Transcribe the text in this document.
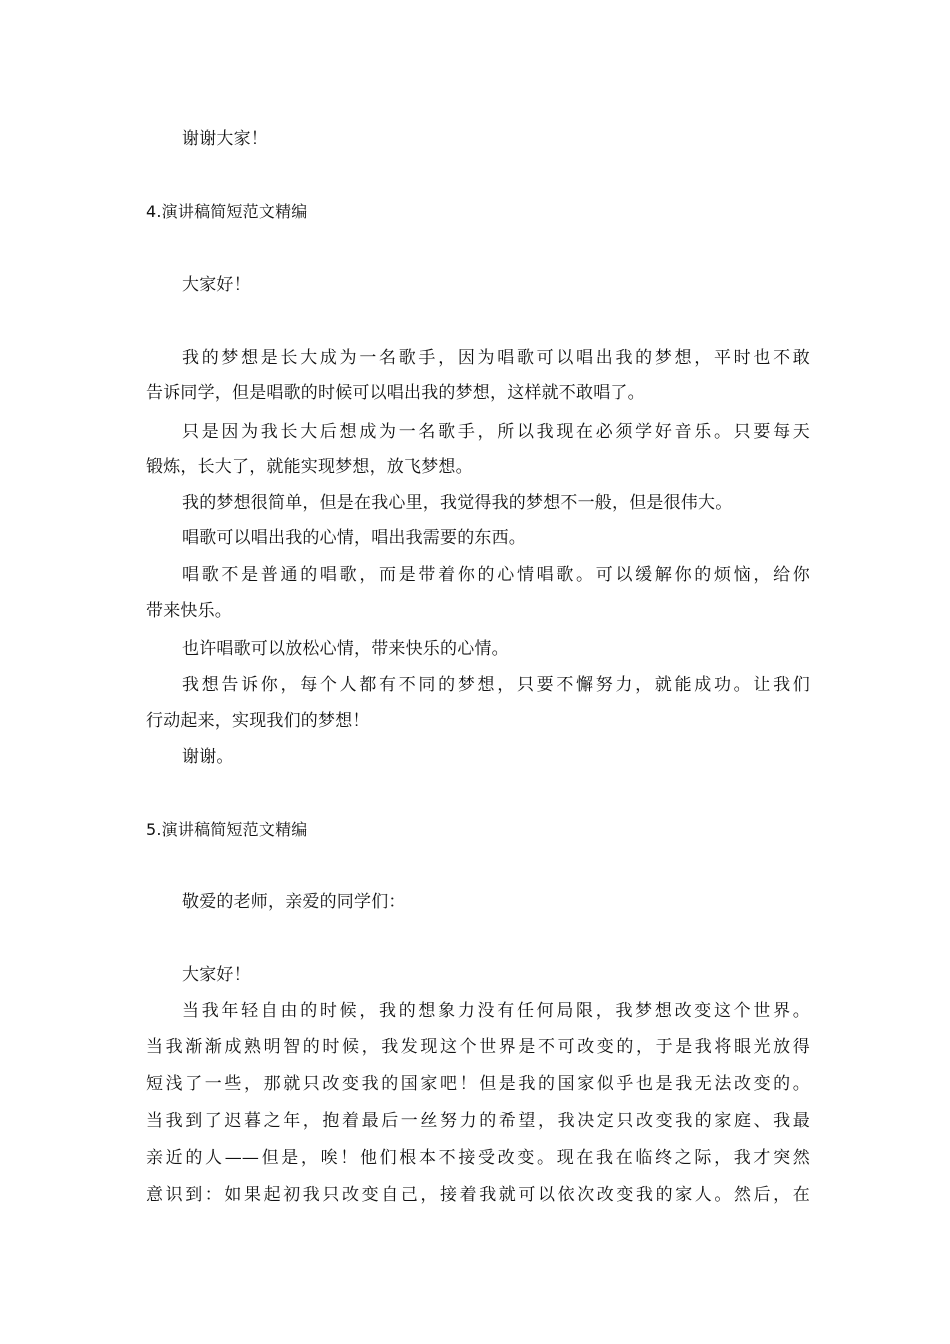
谢谢大家！
4.演讲稿简短范文精编
大家好！
我的梦想是长大成为一名歌手，因为唱歌可以唱出我的梦想，平时也不敢
告诉同学，但是唱歌的时候可以唱出我的梦想，这样就不敢唱了。
只是因为我长大后想成为一名歌手，所以我现在必须学好音乐。只要每天
锻炼，长大了，就能实现梦想，放飞梦想。
我的梦想很简单，但是在我心里，我觉得我的梦想不一般，但是很伟大。
唱歌可以唱出我的心情，唱出我需要的东西。
唱歌不是普通的唱歌，而是带着你的心情唱歌。可以缓解你的烦恼，给你
带来快乐。
也许唱歌可以放松心情，带来快乐的心情。
我想告诉你，每个人都有不同的梦想，只要不懈努力，就能成功。让我们
行动起来，实现我们的梦想！
谢谢。
5.演讲稿简短范文精编
敬爱的老师，亲爱的同学们：
大家好！
当我年轻自由的时候，我的想象力没有任何局限，我梦想改变这个世界。
当我渐渐成熟明智的时候，我发现这个世界是不可改变的，于是我将眼光放得
短浅了一些，那就只改变我的国家吧！但是我的国家似乎也是我无法改变的。
当我到了迟暮之年，抱着最后一丝努力的希望，我决定只改变我的家庭、我最
亲近的人——但是，唉！他们根本不接受改变。现在我在临终之际，我才突然
意识到：如果起初我只改变自己，接着我就可以依次改变我的家人。然后，在
